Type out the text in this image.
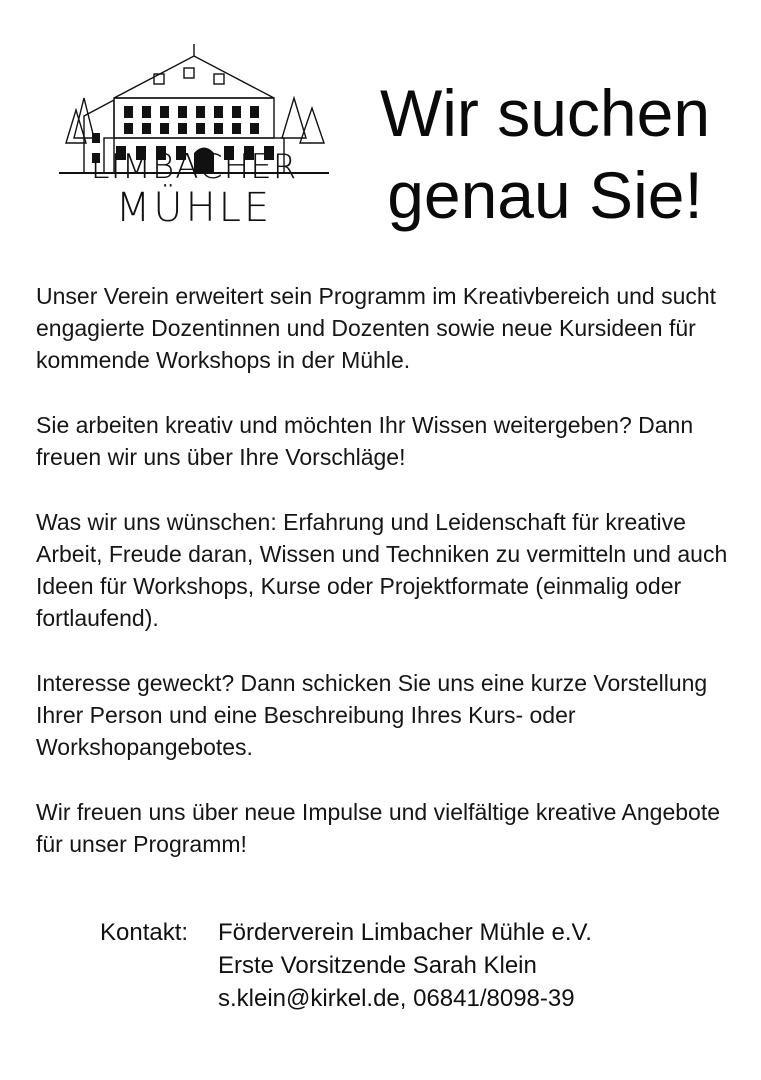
LIMBACHER
MÜHLE
Wir suchen
genau Sie!

Unser Verein erweitert sein Programm im Kreativbereich und sucht engagierte Dozentinnen und Dozenten sowie neue Kursideen für kommende Workshops in der Mühle.

Sie arbeiten kreativ und möchten Ihr Wissen weitergeben? Dann freuen wir uns über Ihre Vorschläge!

Was wir uns wünschen: Erfahrung und Leidenschaft für kreative Arbeit, Freude daran, Wissen und Techniken zu vermitteln und auch Ideen für Workshops, Kurse oder Projektformate (einmalig oder fortlaufend).

Interesse geweckt? Dann schicken Sie uns eine kurze Vorstellung Ihrer Person und eine Beschreibung Ihres Kurs- oder Workshopangebotes.

Wir freuen uns über neue Impulse und vielfältige kreative Angebote für unser Programm!

Kontakt:	Förderverein Limbacher Mühle e.V.
Erste Vorsitzende Sarah Klein
s.klein@kirkel.de, 06841/8098-39
